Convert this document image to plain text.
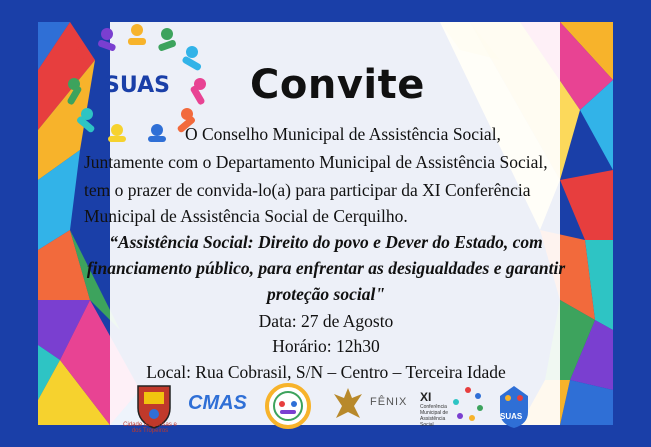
SUAS Convite
O Conselho Municipal de Assistência Social,
Juntamente com o Departamento Municipal de Assistência Social,
tem o prazer de convida-lo(a) para participar da XI Conferência
Municipal de Assistência Social de Cerquilho.
“Assistência Social: Direito do povo e Dever do Estado, com
financiamento público, para enfrentar as desigualdades e garantir
proteção social"
Data: 27 de Agosto
Horário: 12h30
Local: Rua Cobrasil, S/N – Centro – Terceira Idade
Cidade das Brisas e dos Tropeiros
CMAS	FÊNIX XI
Conferência Municipal de Assistência Social
SUAS
